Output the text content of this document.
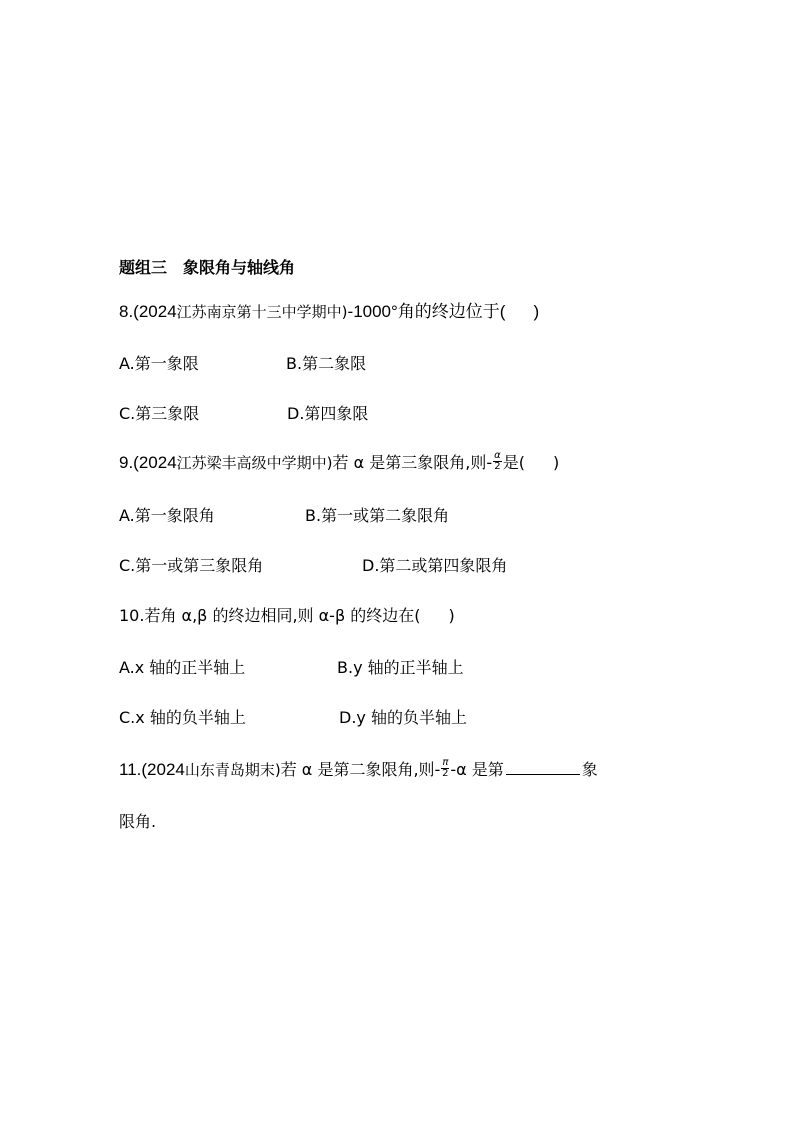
题组三　象限角与轴线角
8.(2024江苏南京第十三中学期中)-1000°角的终边位于( )
A.第一象限	B.第二象限
C.第三象限	D.第四象限
9.(2024江苏梁丰高级中学期中)若 α 是第三象限角,则- $\frac{\alpha}{2}$ 是( )
A.第一象限角	B.第一或第二象限角
C.第一或第三象限角	D.第二或第四象限角
10.若角 α,β 的终边相同,则 α-β 的终边在( )
A.x 轴的正半轴上	B.y 轴的正半轴上
C.x 轴的负半轴上	D.y 轴的负半轴上
11.(2024山东青岛期末)若 α 是第二象限角,则- $\frac{\pi}{2} -\alpha$ 是第	象
限角.
